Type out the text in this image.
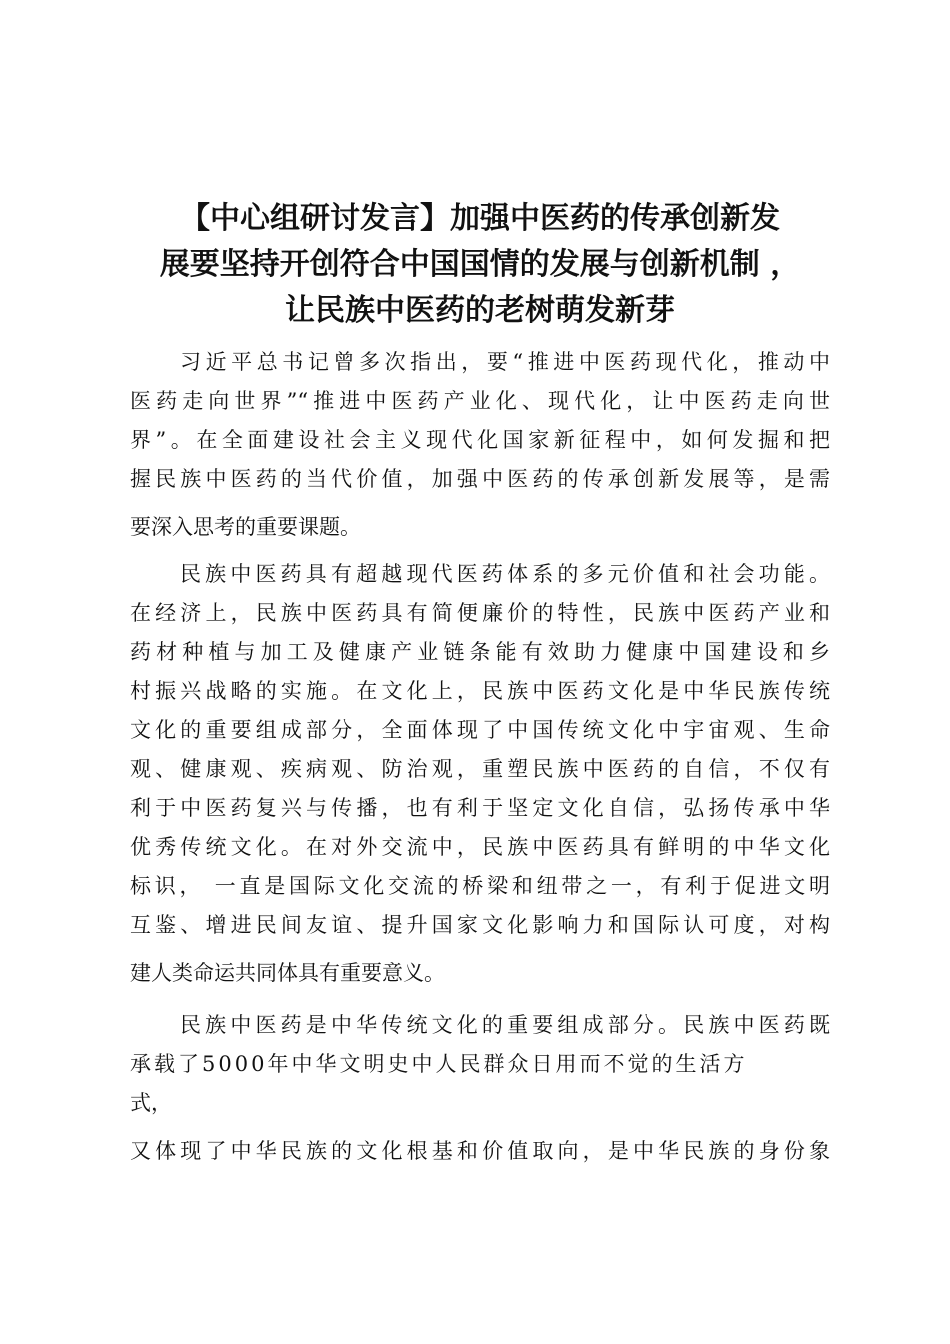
【中心组研讨发言】加强中医药的传承创新发
展要坚持开创符合中国国情的发展与创新机制 ，
让民族中医药的老树萌发新芽
习近平总书记曾多次指出，要“推进中医药现代化，推动中
医药走向世界”“推进中医药产业化、现代化，让中医药走向世
界”。在全面建设社会主义现代化国家新征程中，如何发掘和把
握民族中医药的当代价值，加强中医药的传承创新发展等，是需
要深入思考的重要课题。
民族中医药具有超越现代医药体系的多元价值和社会功能。
在经济上，民族中医药具有简便廉价的特性，民族中医药产业和
药材种植与加工及健康产业链条能有效助力健康中国建设和乡
村振兴战略的实施。在文化上，民族中医药文化是中华民族传统
文化的重要组成部分，全面体现了中国传统文化中宇宙观、生命
观、健康观、疾病观、防治观，重塑民族中医药的自信，不仅有
利于中医药复兴与传播，也有利于坚定文化自信，弘扬传承中华
优秀传统文化。在对外交流中，民族中医药具有鲜明的中华文化
标识， 一直是国际文化交流的桥梁和纽带之一，有利于促进文明
互鉴、增进民间友谊、提升国家文化影响力和国际认可度，对构
建人类命运共同体具有重要意义。
民族中医药是中华传统文化的重要组成部分。民族中医药既
承载了5000年中华文明史中人民群众日用而不觉的生活方
式，
又体现了中华民族的文化根基和价值取向，是中华民族的身份象
